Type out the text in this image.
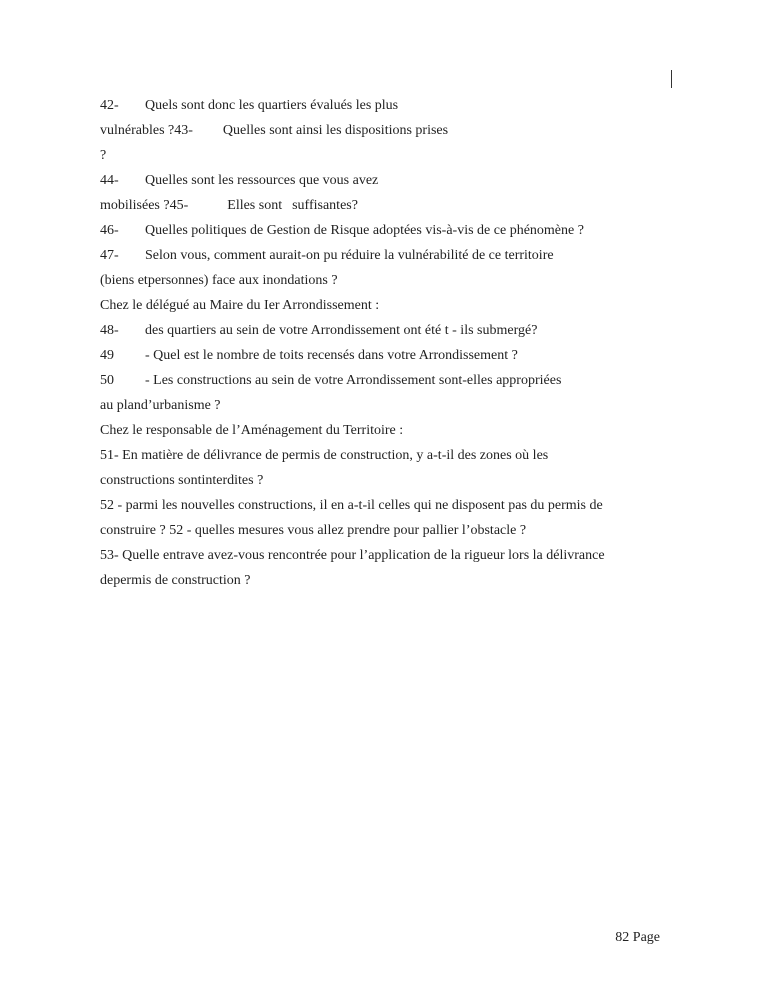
42- Quels sont donc les quartiers évalués les plus
vulnérables ?43- Quelles sont ainsi les dispositions prises
?
44- Quelles sont les ressources que vous avez
mobilisées ?45-	Elles sont suffisantes?
46- Quelles politiques de Gestion de Risque adoptées vis-à-vis de ce phénomène ?
47- Selon vous, comment aurait-on pu réduire la vulnérabilité de ce territoire
(biens etpersonnes) face aux inondations ?
Chez le délégué au Maire du Ier Arrondissement :
48- des quartiers au sein de votre Arrondissement ont été t - ils submergé?
49 - Quel est le nombre de toits recensés dans votre Arrondissement ?
50 - Les constructions au sein de votre Arrondissement sont-elles appropriées
au pland’urbanisme ?
Chez le responsable de l’Aménagement du Territoire :
51- En matière de délivrance de permis de construction, y a-t-il des zones où les
constructions sontinterdites ?
52 - parmi les nouvelles constructions, il en a-t-il celles qui ne disposent pas du permis de
construire ? 52 - quelles mesures vous allez prendre pour pallier l’obstacle ?
53- Quelle entrave avez-vous rencontrée pour l’application de la rigueur lors la délivrance
depermis de construction ?
82 Page
